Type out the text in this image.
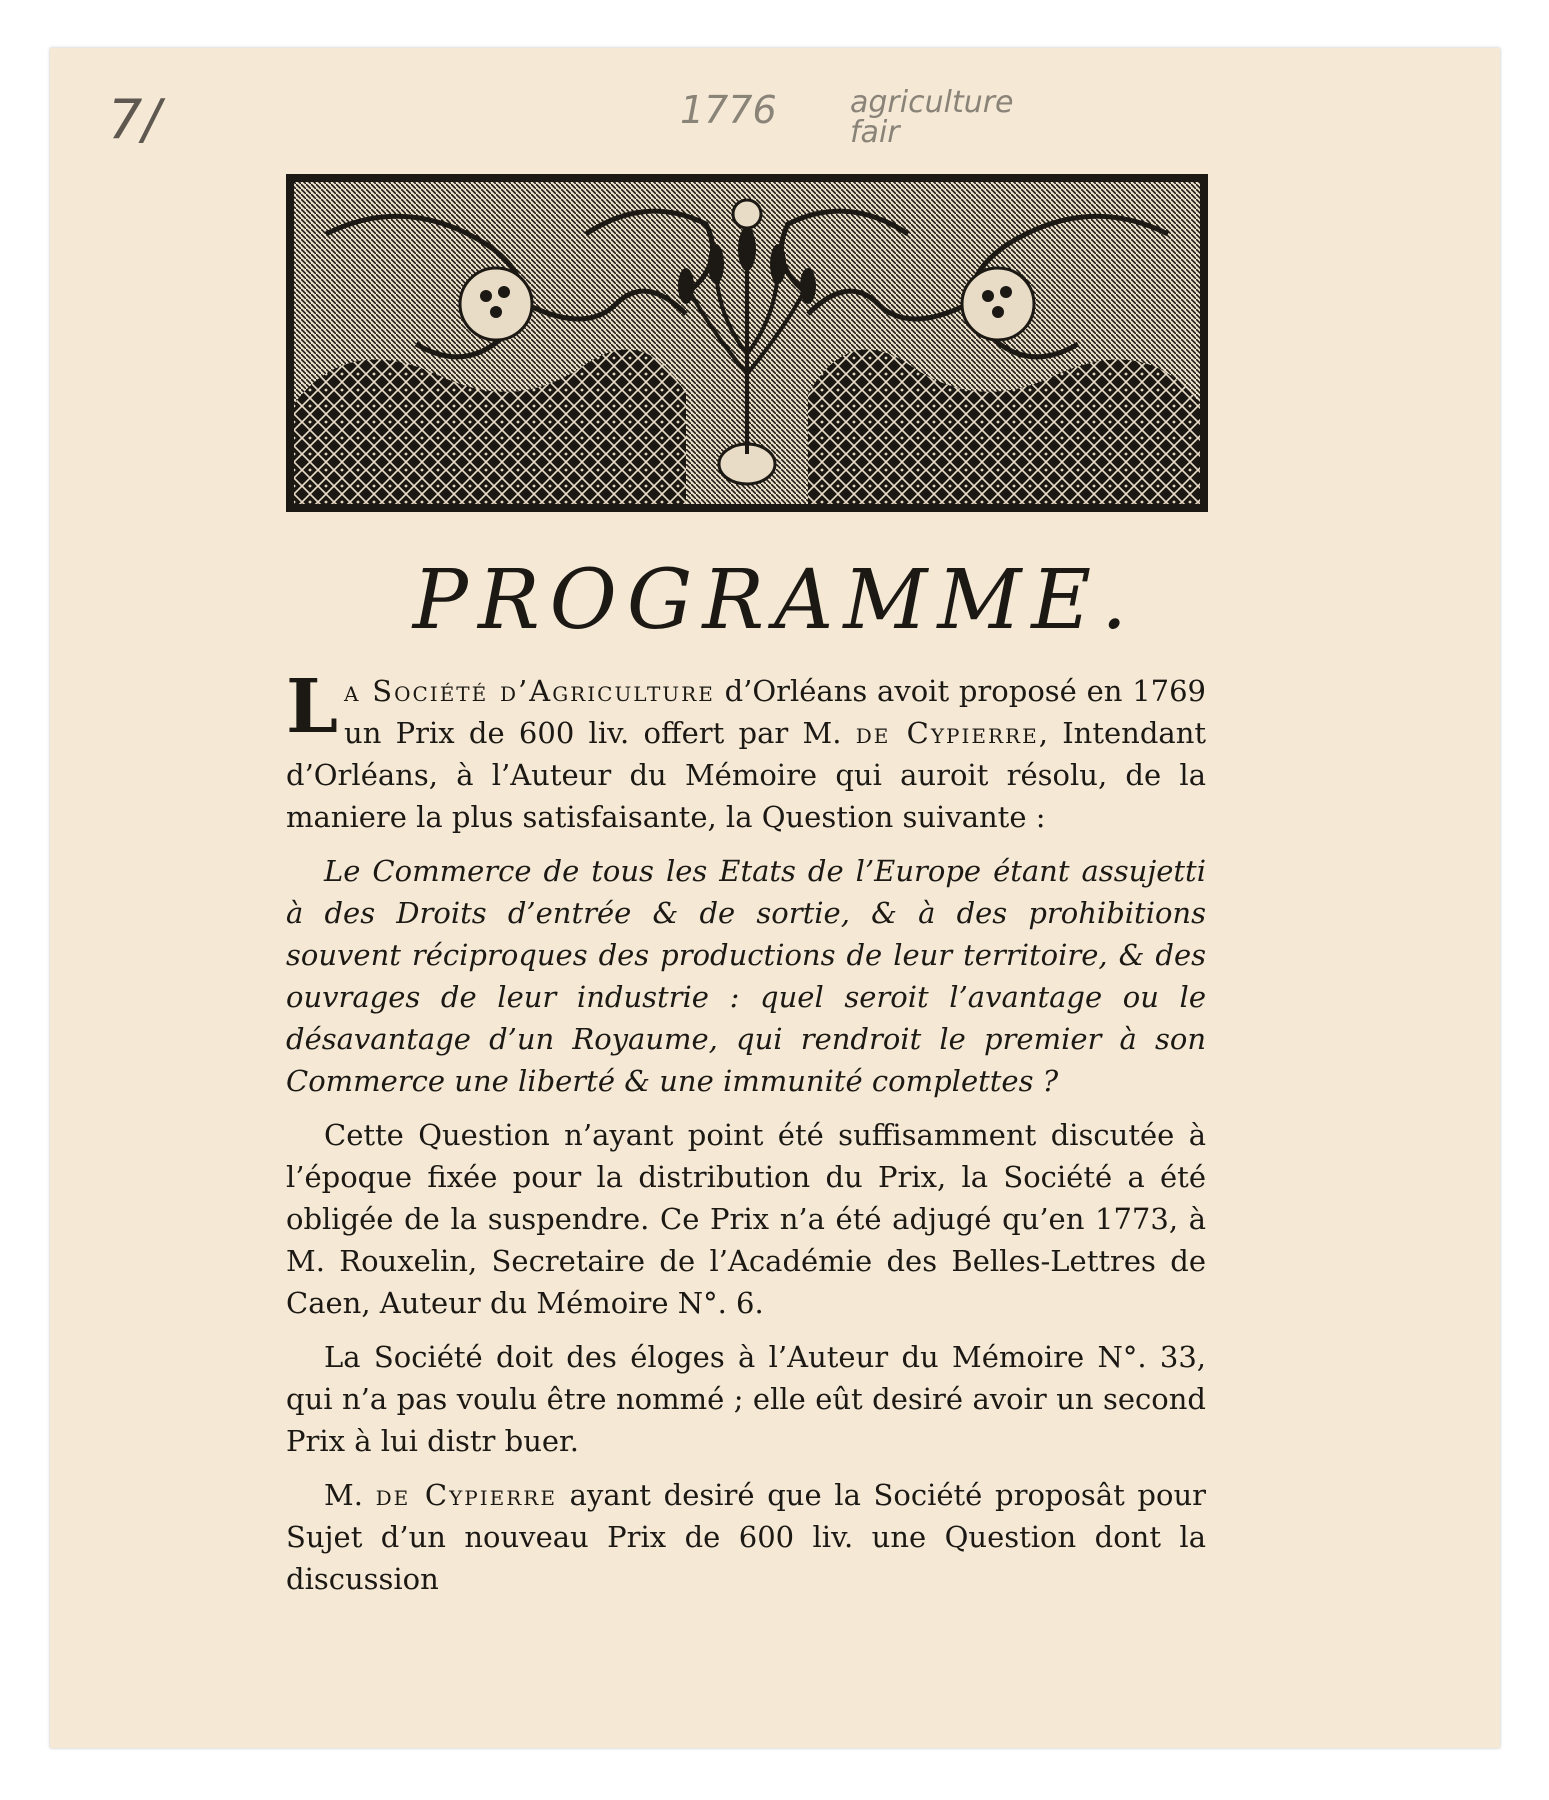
7/	1776 agriculture fair
PROGRAMME.

La Société d’Agriculture d’Orléans avoit proposé en 1769 un Prix de 600 liv. offert par M. de Cypierre, Intendant d’Orléans, à l’Auteur du Mémoire qui auroit résolu, de la maniere la plus satisfaisante, la Question suivante :

Le Commerce de tous les Etats de l’Europe étant assujetti à des Droits d’entrée & de sortie, & à des prohibitions souvent réciproques des productions de leur territoire, & des ouvrages de leur industrie : quel seroit l’avantage ou le désavantage d’un Royaume, qui rendroit le premier à son Commerce une liberté & une immunité complettes ?

Cette Question n’ayant point été suffisamment discutée à l’époque fixée pour la distribution du Prix, la Société a été obligée de la suspendre. Ce Prix n’a été adjugé qu’en 1773, à M. Rouxelin, Secretaire de l’Académie des Belles-Lettres de Caen, Auteur du Mémoire N°. 6.

La Société doit des éloges à l’Auteur du Mémoire N°. 33, qui n’a pas voulu être nommé ; elle eût desiré avoir un second Prix à lui distr buer.

M. de Cypierre ayant desiré que la Société proposât pour Sujet d’un nouveau Prix de 600 liv. une Question dont la discussion
